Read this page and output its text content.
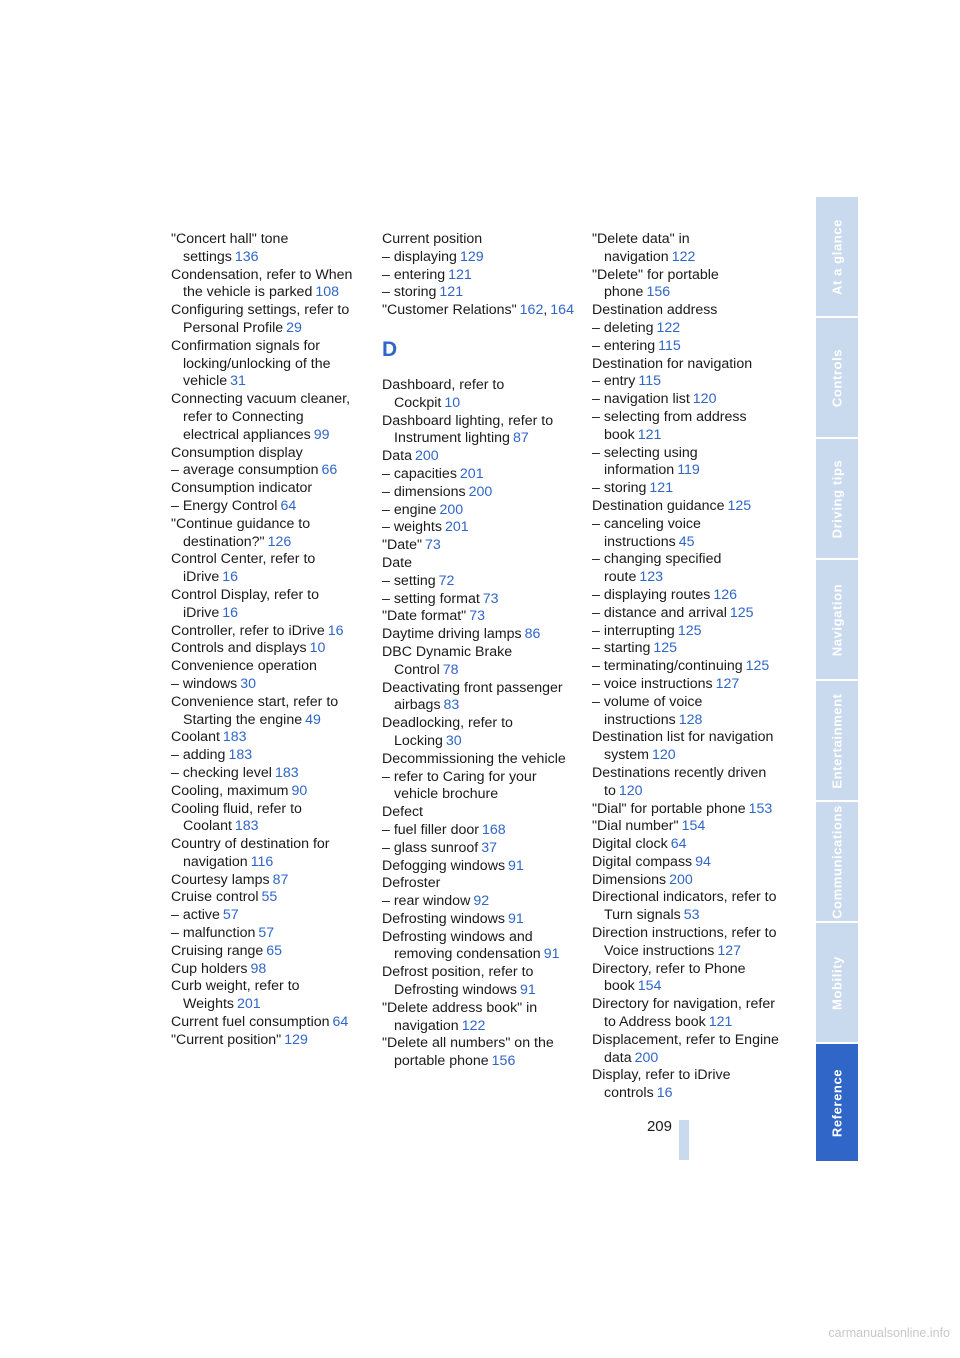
"Concert hall" tone settings 136
Condensation, refer to When the vehicle is parked 108
Configuring settings, refer to Personal Profile 29
Confirmation signals for locking/unlocking of the vehicle 31
Connecting vacuum cleaner, refer to Connecting electrical appliances 99
Consumption display
– average consumption 66
Consumption indicator
– Energy Control 64
"Continue guidance to destination?" 126
Control Center, refer to iDrive 16
Control Display, refer to iDrive 16
Controller, refer to iDrive 16
Controls and displays 10
Convenience operation
– windows 30
Convenience start, refer to Starting the engine 49
Coolant 183
– adding 183
– checking level 183
Cooling, maximum 90
Cooling fluid, refer to Coolant 183
Country of destination for navigation 116
Courtesy lamps 87
Cruise control 55
– active 57
– malfunction 57
Cruising range 65
Cup holders 98
Curb weight, refer to Weights 201
Current fuel consumption 64
"Current position" 129
Current position
– displaying 129
– entering 121
– storing 121
"Customer Relations" 162, 164
D
Dashboard, refer to Cockpit 10
Dashboard lighting, refer to Instrument lighting 87
Data 200
– capacities 201
– dimensions 200
– engine 200
– weights 201
"Date" 73
Date
– setting 72
– setting format 73
"Date format" 73
Daytime driving lamps 86
DBC Dynamic Brake Control 78
Deactivating front passenger airbags 83
Deadlocking, refer to Locking 30
Decommissioning the vehicle
– refer to Caring for your vehicle brochure
Defect
– fuel filler door 168
– glass sunroof 37
Defogging windows 91
Defroster
– rear window 92
Defrosting windows 91
Defrosting windows and removing condensation 91
Defrost position, refer to Defrosting windows 91
"Delete address book" in navigation 122
"Delete all numbers" on the portable phone 156
"Delete data" in navigation 122
"Delete" for portable phone 156
Destination address
– deleting 122
– entering 115
Destination for navigation
– entry 115
– navigation list 120
– selecting from address book 121
– selecting using information 119
– storing 121
Destination guidance 125
– canceling voice instructions 45
– changing specified route 123
– displaying routes 126
– distance and arrival 125
– interrupting 125
– starting 125
– terminating/continuing 125
– voice instructions 127
– volume of voice instructions 128
Destination list for navigation system 120
Destinations recently driven to 120
"Dial" for portable phone 153
"Dial number" 154
Digital clock 64
Digital compass 94
Dimensions 200
Directional indicators, refer to Turn signals 53
Direction instructions, refer to Voice instructions 127
Directory, refer to Phone book 154
Directory for navigation, refer to Address book 121
Displacement, refer to Engine data 200
Display, refer to iDrive controls 16
At a glance
Controls
Driving tips
Navigation
Entertainment
Communications
Mobility
Reference
209
carmanualsonline.info
